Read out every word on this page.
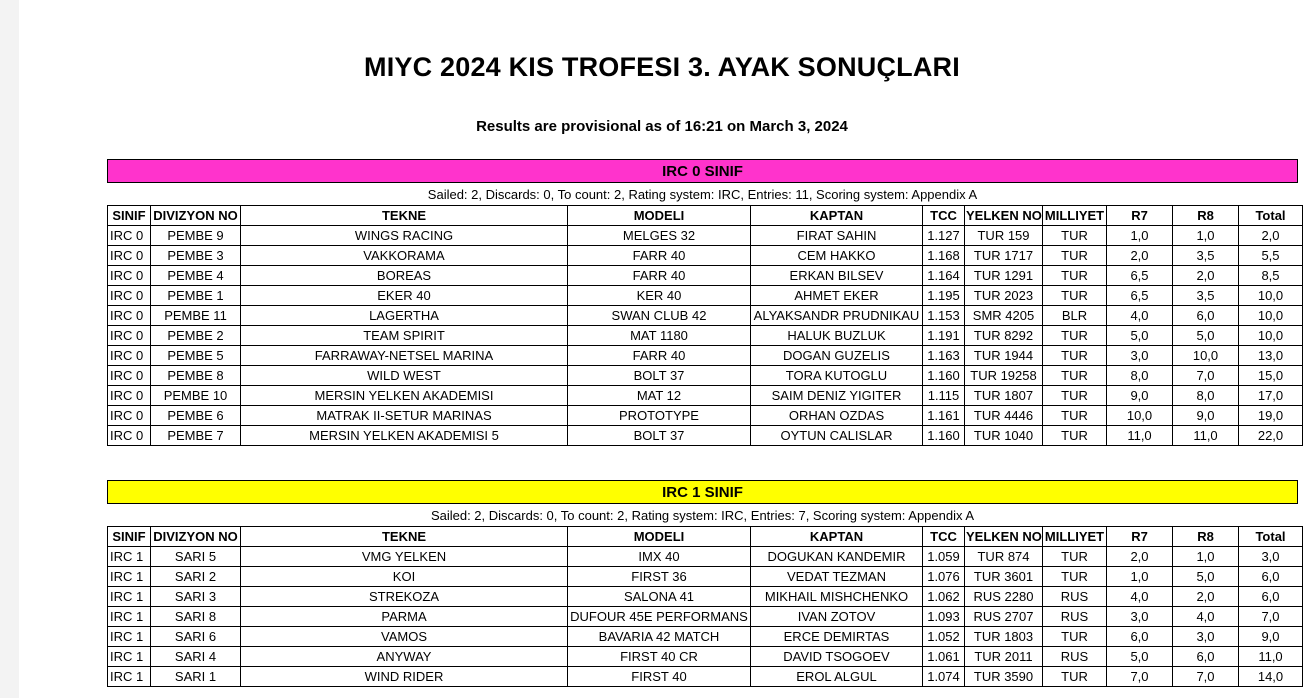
MIYC 2024 KIS TROFESI 3. AYAK SONUÇLARI
Results are provisional as of 16:21 on March 3, 2024
IRC 0 SINIF
Sailed: 2, Discards: 0, To count: 2, Rating system: IRC, Entries: 11, Scoring system: Appendix A
SINIF	DIVIZYON NO	TEKNE	MODELI	KAPTAN	TCC	YELKEN NO	MILLIYET	R7	R8	Total
IRC 0	PEMBE 9	WINGS RACING	MELGES 32	FIRAT SAHIN	1.127	TUR 159	TUR	1,0	1,0	2,0
IRC 0	PEMBE 3	VAKKORAMA	FARR 40	CEM HAKKO	1.168	TUR 1717	TUR	2,0	3,5	5,5
IRC 0	PEMBE 4	BOREAS	FARR 40	ERKAN BILSEV	1.164	TUR 1291	TUR	6,5	2,0	8,5
IRC 0	PEMBE 1	EKER 40	KER 40	AHMET EKER	1.195	TUR 2023	TUR	6,5	3,5	10,0
IRC 0	PEMBE 11	LAGERTHA	SWAN CLUB 42	ALYAKSANDR PRUDNIKAU	1.153	SMR 4205	BLR	4,0	6,0	10,0
IRC 0	PEMBE 2	TEAM SPIRIT	MAT 1180	HALUK BUZLUK	1.191	TUR 8292	TUR	5,0	5,0	10,0
IRC 0	PEMBE 5	FARRAWAY-NETSEL MARINA	FARR 40	DOGAN GUZELIS	1.163	TUR 1944	TUR	3,0	10,0	13,0
IRC 0	PEMBE 8	WILD WEST	BOLT 37	TORA KUTOGLU	1.160	TUR 19258	TUR	8,0	7,0	15,0
IRC 0	PEMBE 10	MERSIN YELKEN AKADEMISI	MAT 12	SAIM DENIZ YIGITER	1.115	TUR 1807	TUR	9,0	8,0	17,0
IRC 0	PEMBE 6	MATRAK II-SETUR MARINAS	PROTOTYPE	ORHAN OZDAS	1.161	TUR 4446	TUR	10,0	9,0	19,0
IRC 0	PEMBE 7	MERSIN YELKEN AKADEMISI 5	BOLT 37	OYTUN CALISLAR	1.160	TUR 1040	TUR	11,0	11,0	22,0
IRC 1 SINIF
Sailed: 2, Discards: 0, To count: 2, Rating system: IRC, Entries: 7, Scoring system: Appendix A
SINIF	DIVIZYON NO	TEKNE	MODELI	KAPTAN	TCC	YELKEN NO	MILLIYET	R7	R8	Total
IRC 1	SARI 5	VMG YELKEN	IMX 40	DOGUKAN KANDEMIR	1.059	TUR 874	TUR	2,0	1,0	3,0
IRC 1	SARI 2	KOI	FIRST 36	VEDAT TEZMAN	1.076	TUR 3601	TUR	1,0	5,0	6,0
IRC 1	SARI 3	STREKOZA	SALONA 41	MIKHAIL MISHCHENKO	1.062	RUS 2280	RUS	4,0	2,0	6,0
IRC 1	SARI 8	PARMA	DUFOUR 45E PERFORMANS	IVAN ZOTOV	1.093	RUS 2707	RUS	3,0	4,0	7,0
IRC 1	SARI 6	VAMOS	BAVARIA 42 MATCH	ERCE DEMIRTAS	1.052	TUR 1803	TUR	6,0	3,0	9,0
IRC 1	SARI 4	ANYWAY	FIRST 40 CR	DAVID TSOGOEV	1.061	TUR 2011	RUS	5,0	6,0	11,0
IRC 1	SARI 1	WIND RIDER	FIRST 40	EROL ALGUL	1.074	TUR 3590	TUR	7,0	7,0	14,0
